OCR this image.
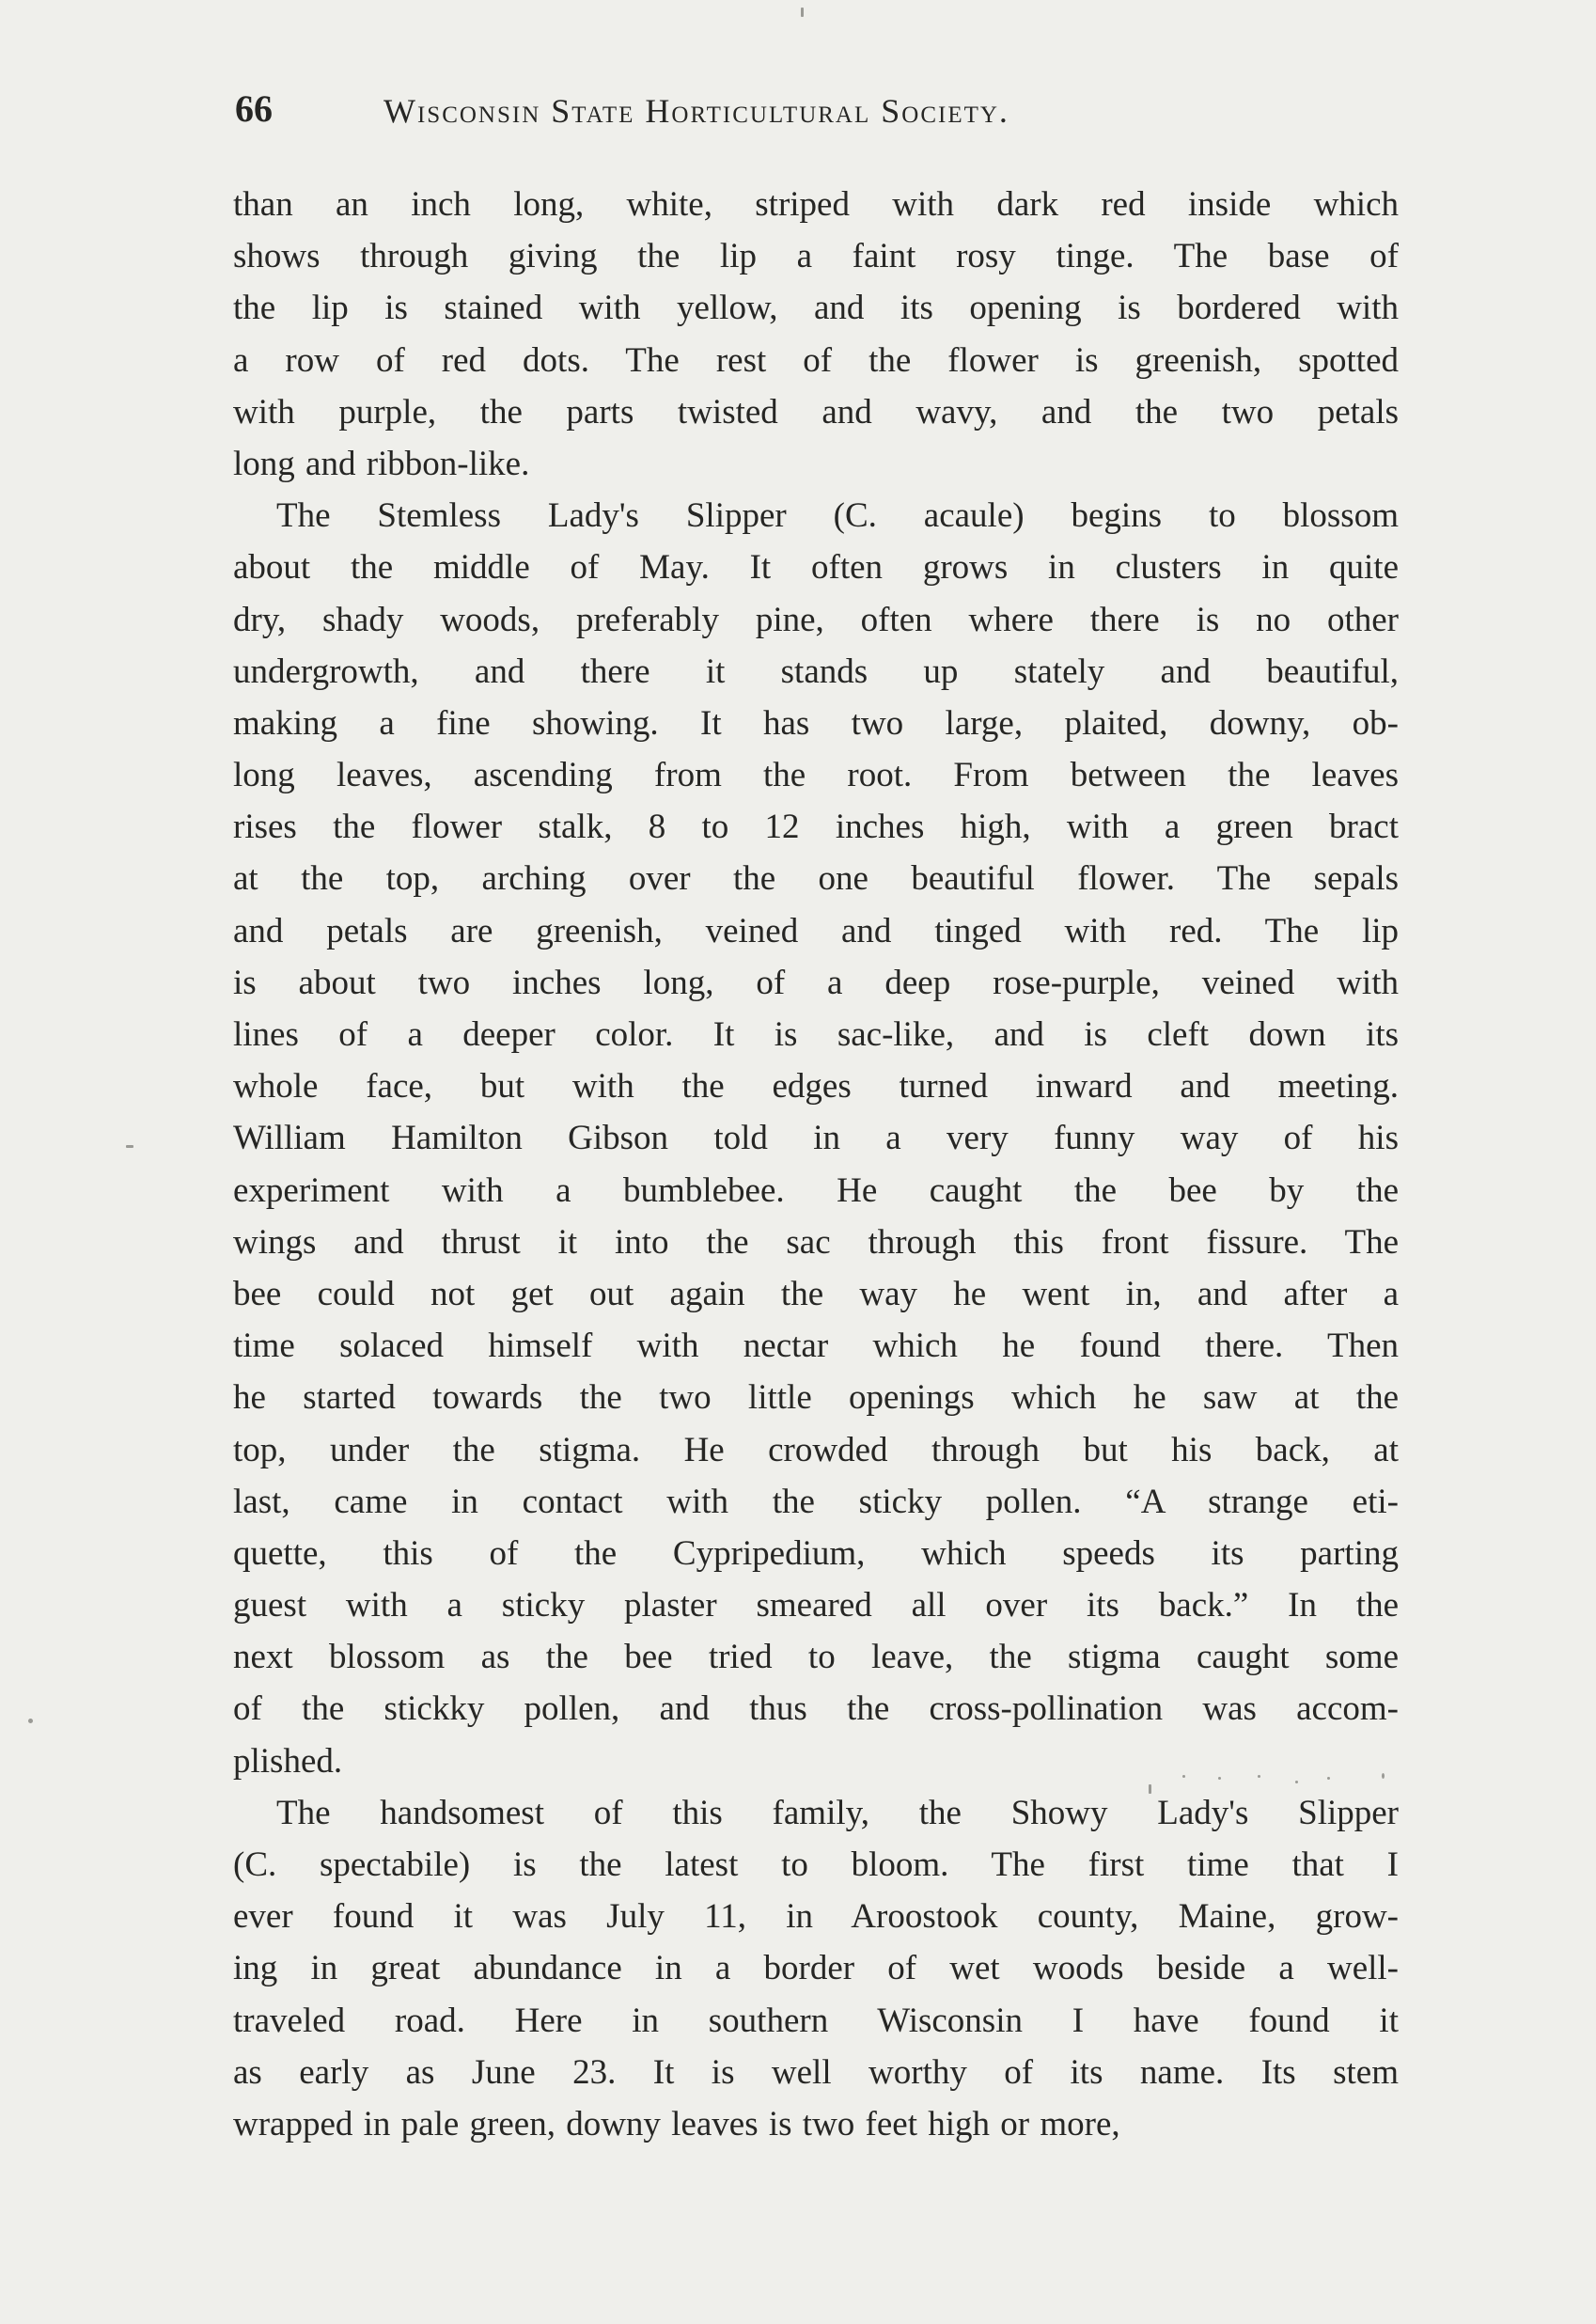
66	Wisconsin State Horticultural Society.
than an inch long, white, striped with dark red inside which
shows through giving the lip a faint rosy tinge. The base of
the lip is stained with yellow, and its opening is bordered with
a row of red dots. The rest of the flower is greenish, spotted
with purple, the parts twisted and wavy, and the two petals
long and ribbon-like.
The Stemless Lady's Slipper (C. acaule) begins to blossom
about the middle of May. It often grows in clusters in quite
dry, shady woods, preferably pine, often where there is no other
undergrowth, and there it stands up stately and beautiful,
making a fine showing. It has two large, plaited, downy, ob-
long leaves, ascending from the root. From between the leaves
rises the flower stalk, 8 to 12 inches high, with a green bract
at the top, arching over the one beautiful flower. The sepals
and petals are greenish, veined and tinged with red. The lip
is about two inches long, of a deep rose-purple, veined with
lines of a deeper color. It is sac-like, and is cleft down its
whole face, but with the edges turned inward and meeting.
William Hamilton Gibson told in a very funny way of his
experiment with a bumblebee. He caught the bee by the
wings and thrust it into the sac through this front fissure. The
bee could not get out again the way he went in, and after a
time solaced himself with nectar which he found there. Then
he started towards the two little openings which he saw at the
top, under the stigma. He crowded through but his back, at
last, came in contact with the sticky pollen. “A strange eti-
quette, this of the Cypripedium, which speeds its parting
guest with a sticky plaster smeared all over its back.” In the
next blossom as the bee tried to leave, the stigma caught some
of the stickky pollen, and thus the cross-pollination was accom-
plished.
The handsomest of this family, the Showy Lady's Slipper
(C. spectabile) is the latest to bloom. The first time that I
ever found it was July 11, in Aroostook county, Maine, grow-
ing in great abundance in a border of wet woods beside a well-
traveled road. Here in southern Wisconsin I have found it
as early as June 23. It is well worthy of its name. Its stem
wrapped in pale green, downy leaves is two feet high or more,
